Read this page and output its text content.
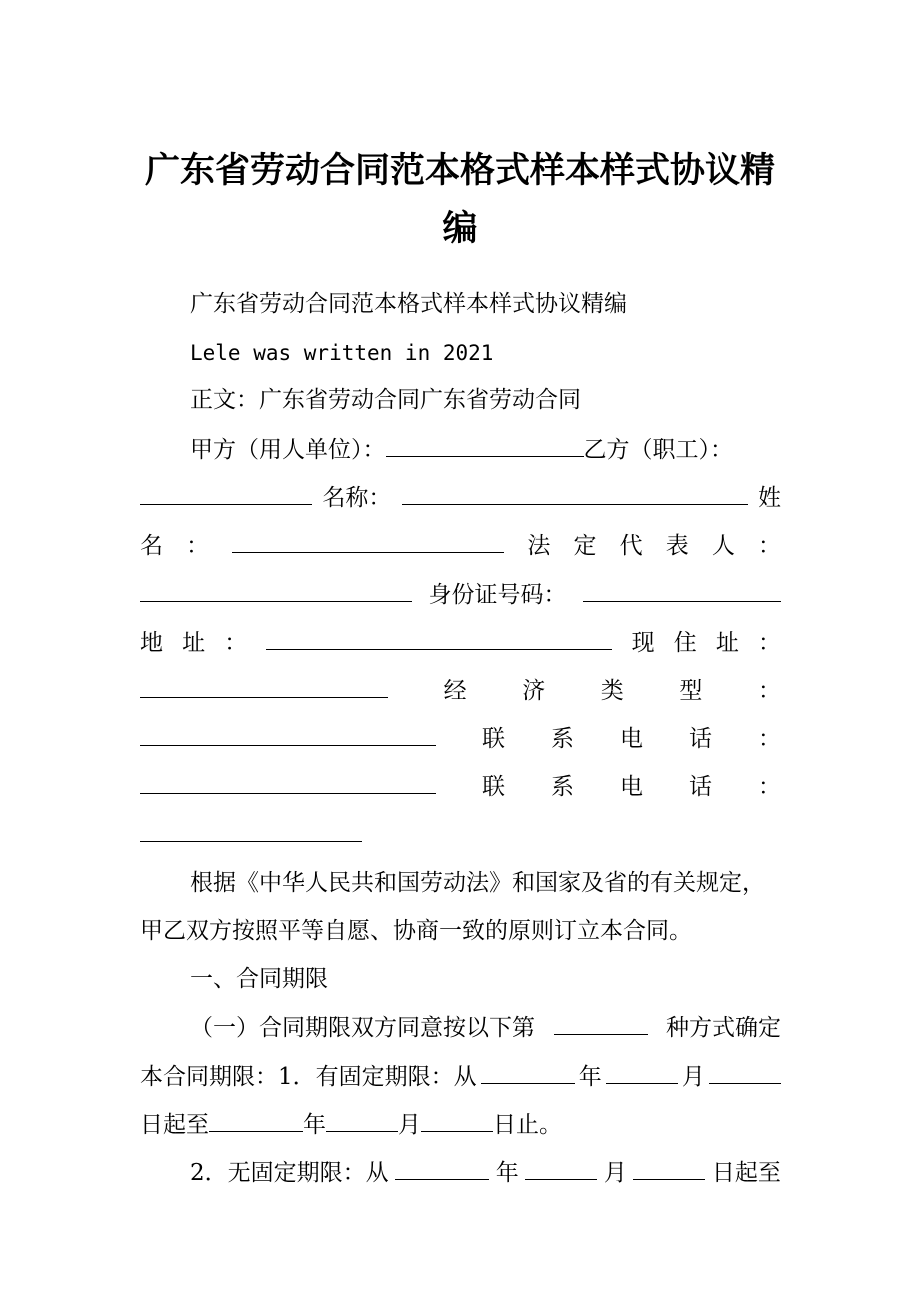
广东省劳动合同范本格式样本样式协议精
编
广东省劳动合同范本格式样本样式协议精编
Lele was written in 2021
正文：广东省劳动合同广东省劳动合同
甲方（用人单位）：	乙方（职工）：
名称：	姓
名 ：	法 定 代 表 人 ：
身份证号码：
地 址 ：	现 住 址 ：
经 济 类 型 ：
联 系 电 话 ：
联 系 电 话 ：
根据《中华人民共和国劳动法》和国家及省的有关规定，
甲乙双方按照平等自愿、协商一致的原则订立本合同。
一、合同期限
（一）合同期限双方同意按以下第	种方式确定
本合同期限：1．有固定期限：从	年	月
日起至	年	月	日止。
2．无固定期限：从	年	月	日起至
